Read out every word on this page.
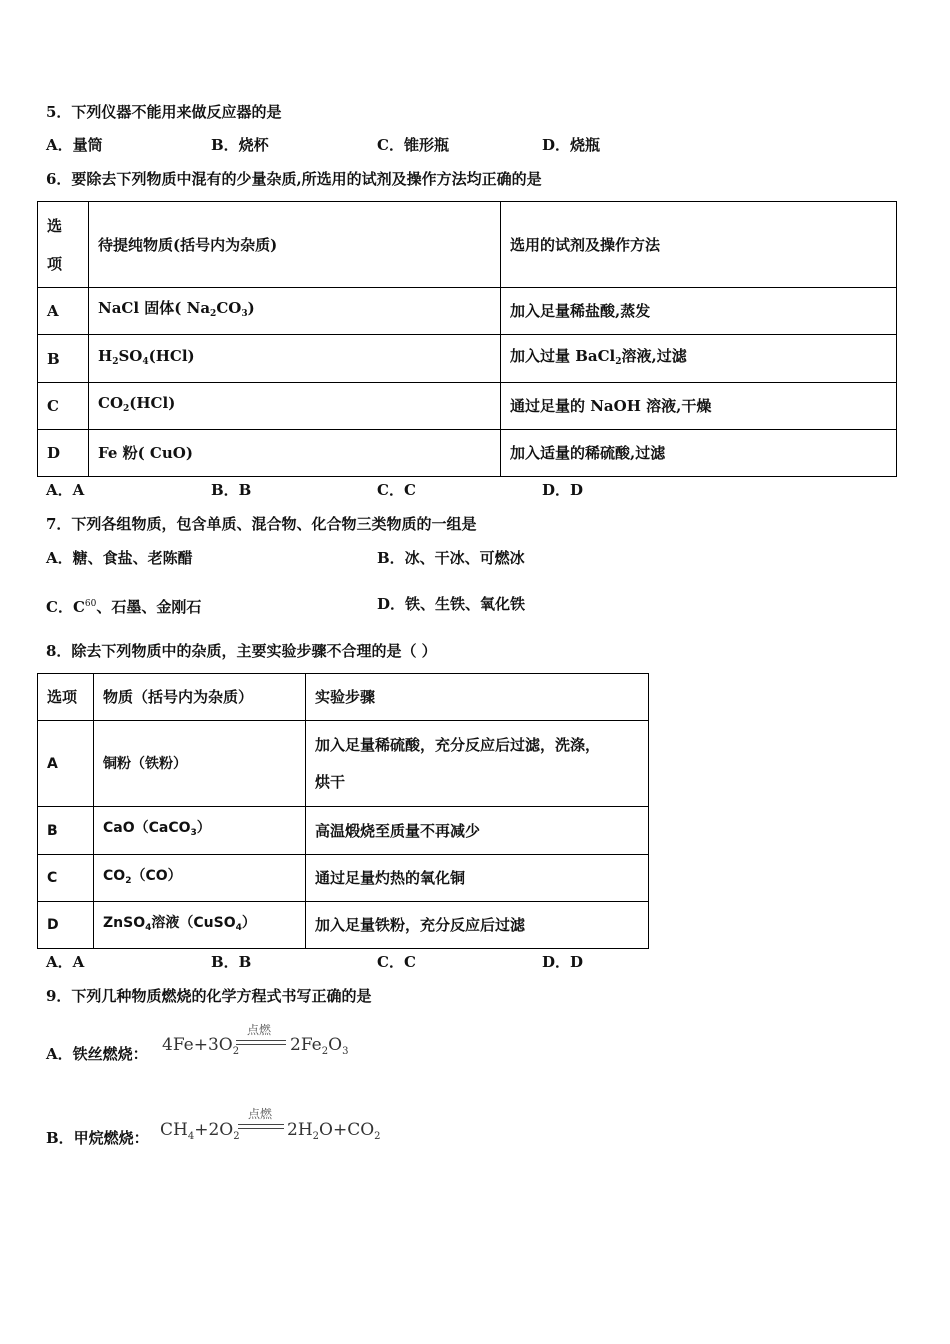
5．下列仪器不能用来做反应器的是
A．量筒	B．烧杯	C．锥形瓶	D．烧瓶
6．要除去下列物质中混有的少量杂质,所选用的试剂及操作方法均正确的是
选
项	待提纯物质(括号内为杂质)	选用的试剂及操作方法
A	NaCl 固体( $Na_2CO_3$)	加入足量稀盐酸,蒸发
B	$H_2SO_4(HCl)$	加入过量 BaCl$_2$溶液,过滤
C	$CO_2(HCl)$	通过足量的 NaOH 溶液,干燥
D	Fe 粉( CuO)	加入适量的稀硫酸,过滤
A．A	B．B	C．C	D．D
7．下列各组物质，包含单质、混合物、化合物三类物质的一组是
A．糖、食盐、老陈醋	B．冰、干冰、可燃冰
C．$C^{60}$、石墨、金刚石	D．铁、生铁、氧化铁
8．除去下列物质中的杂质，主要实验步骤不合理的是（ ）
选项	物质（括号内为杂质）	实验步骤
A	铜粉（铁粉）	加入足量稀硫酸，充分反应后过滤，洗涤，
烘干

B	CaO（CaCO$_3$）	高温煅烧至质量不再减少
C	$CO_2(CO)$	通过足量灼热的氧化铜
D	ZnSO$_4$溶液（CuSO$_4$）	加入足量铁粉，充分反应后过滤
A．A	B．B	C．C	D．D
9．下列几种物质燃烧的化学方程式书写正确的是
A．铁丝燃烧： $4Fe+3O_2$
点燃
$2Fe_2O_3$
B．甲烷燃烧： $CH_4+2O_2$
点燃
$2H_2O+CO_2$
